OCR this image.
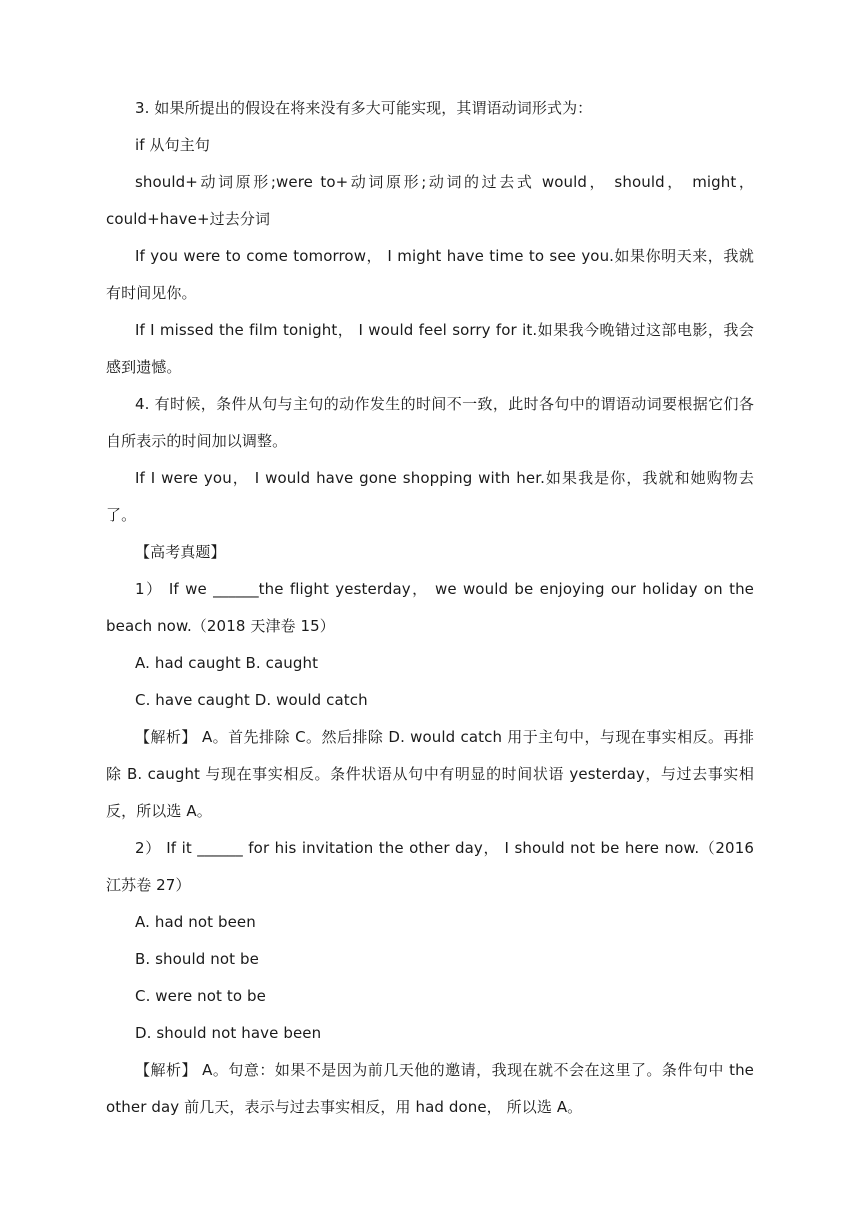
3. 如果所提出的假设在将来没有多大可能实现，其谓语动词形式为：

if 从句主句

should+动词原形;were to+动词原形;动词的过去式 would， should， might， could+have+过去分词

If you were to come tomorrow， I might have time to see you.如果你明天来，我就有时间见你。

If I missed the film tonight， I would feel sorry for it.如果我今晚错过这部电影，我会感到遗憾。

4. 有时候，条件从句与主句的动作发生的时间不一致，此时各句中的谓语动词要根据它们各自所表示的时间加以调整。

If I were you， I would have gone shopping with her.如果我是你，我就和她购物去了。

【高考真题】

1） If we ______the flight yesterday， we would be enjoying our holiday on the beach now.（2018 天津卷 15）

A. had caught B. caught

C. have caught D. would catch

【解析】 A。首先排除 C。然后排除 D. would catch 用于主句中，与现在事实相反。再排除 B. caught 与现在事实相反。条件状语从句中有明显的时间状语 yesterday，与过去事实相反，所以选 A。

2） If it ______ for his invitation the other day， I should not be here now.（2016 江苏卷 27）

A. had not been

B. should not be

C. were not to be

D. should not have been

【解析】 A。句意：如果不是因为前几天他的邀请，我现在就不会在这里了。条件句中 the other day 前几天，表示与过去事实相反，用 had done， 所以选 A。
